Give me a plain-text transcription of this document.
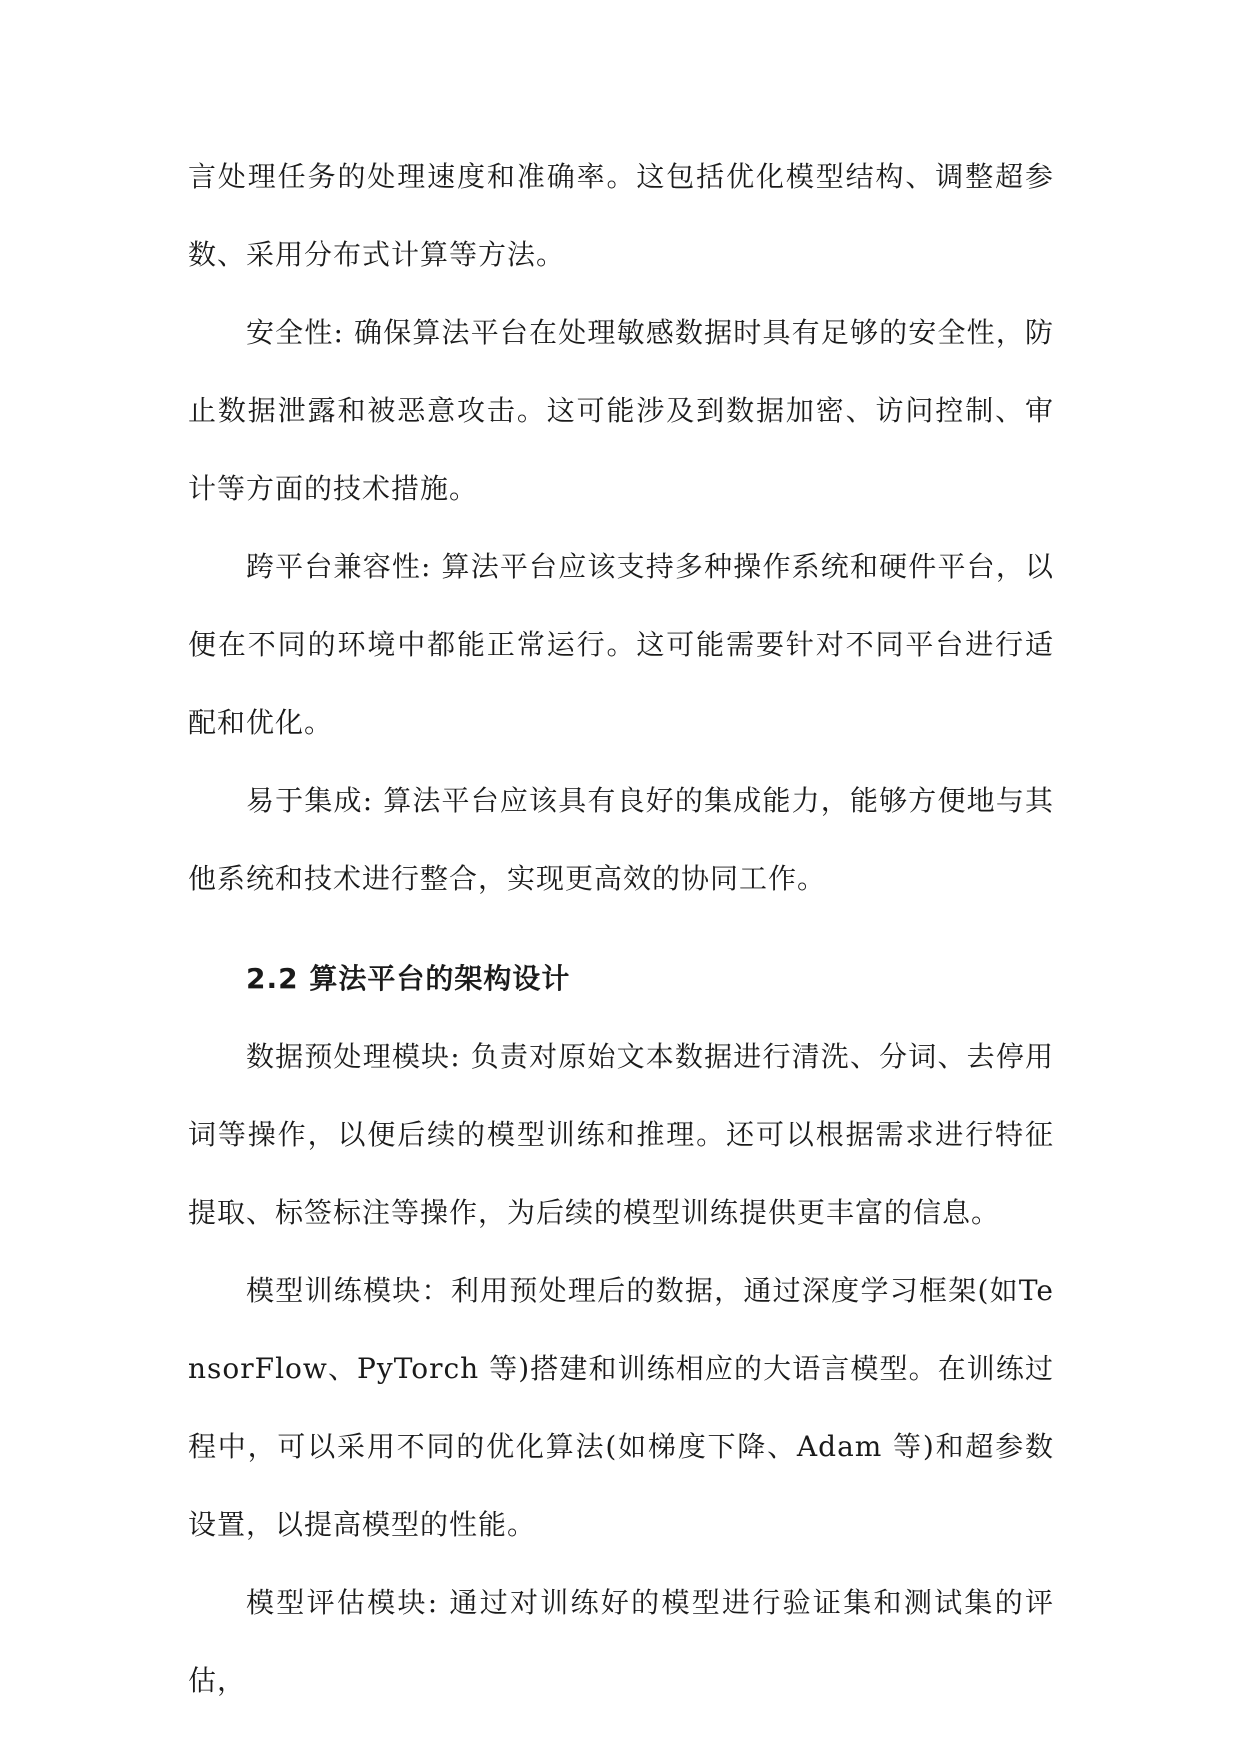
言处理任务的处理速度和准确率。这包括优化模型结构、调整超参数、采用分布式计算等方法。

安全性: 确保算法平台在处理敏感数据时具有足够的安全性，防止数据泄露和被恶意攻击。这可能涉及到数据加密、访问控制、审计等方面的技术措施。

跨平台兼容性: 算法平台应该支持多种操作系统和硬件平台，以便在不同的环境中都能正常运行。这可能需要针对不同平台进行适配和优化。

易于集成: 算法平台应该具有良好的集成能力，能够方便地与其他系统和技术进行整合，实现更高效的协同工作。

2.2 算法平台的架构设计

数据预处理模块: 负责对原始文本数据进行清洗、分词、去停用词等操作，以便后续的模型训练和推理。还可以根据需求进行特征提取、标签标注等操作，为后续的模型训练提供更丰富的信息。

模型训练模块：利用预处理后的数据，通过深度学习框架(如TensorFlow、PyTorch 等)搭建和训练相应的大语言模型。在训练过程中，可以采用不同的优化算法(如梯度下降、Adam 等)和超参数设置，以提高模型的性能。

模型评估模块: 通过对训练好的模型进行验证集和测试集的评估，
